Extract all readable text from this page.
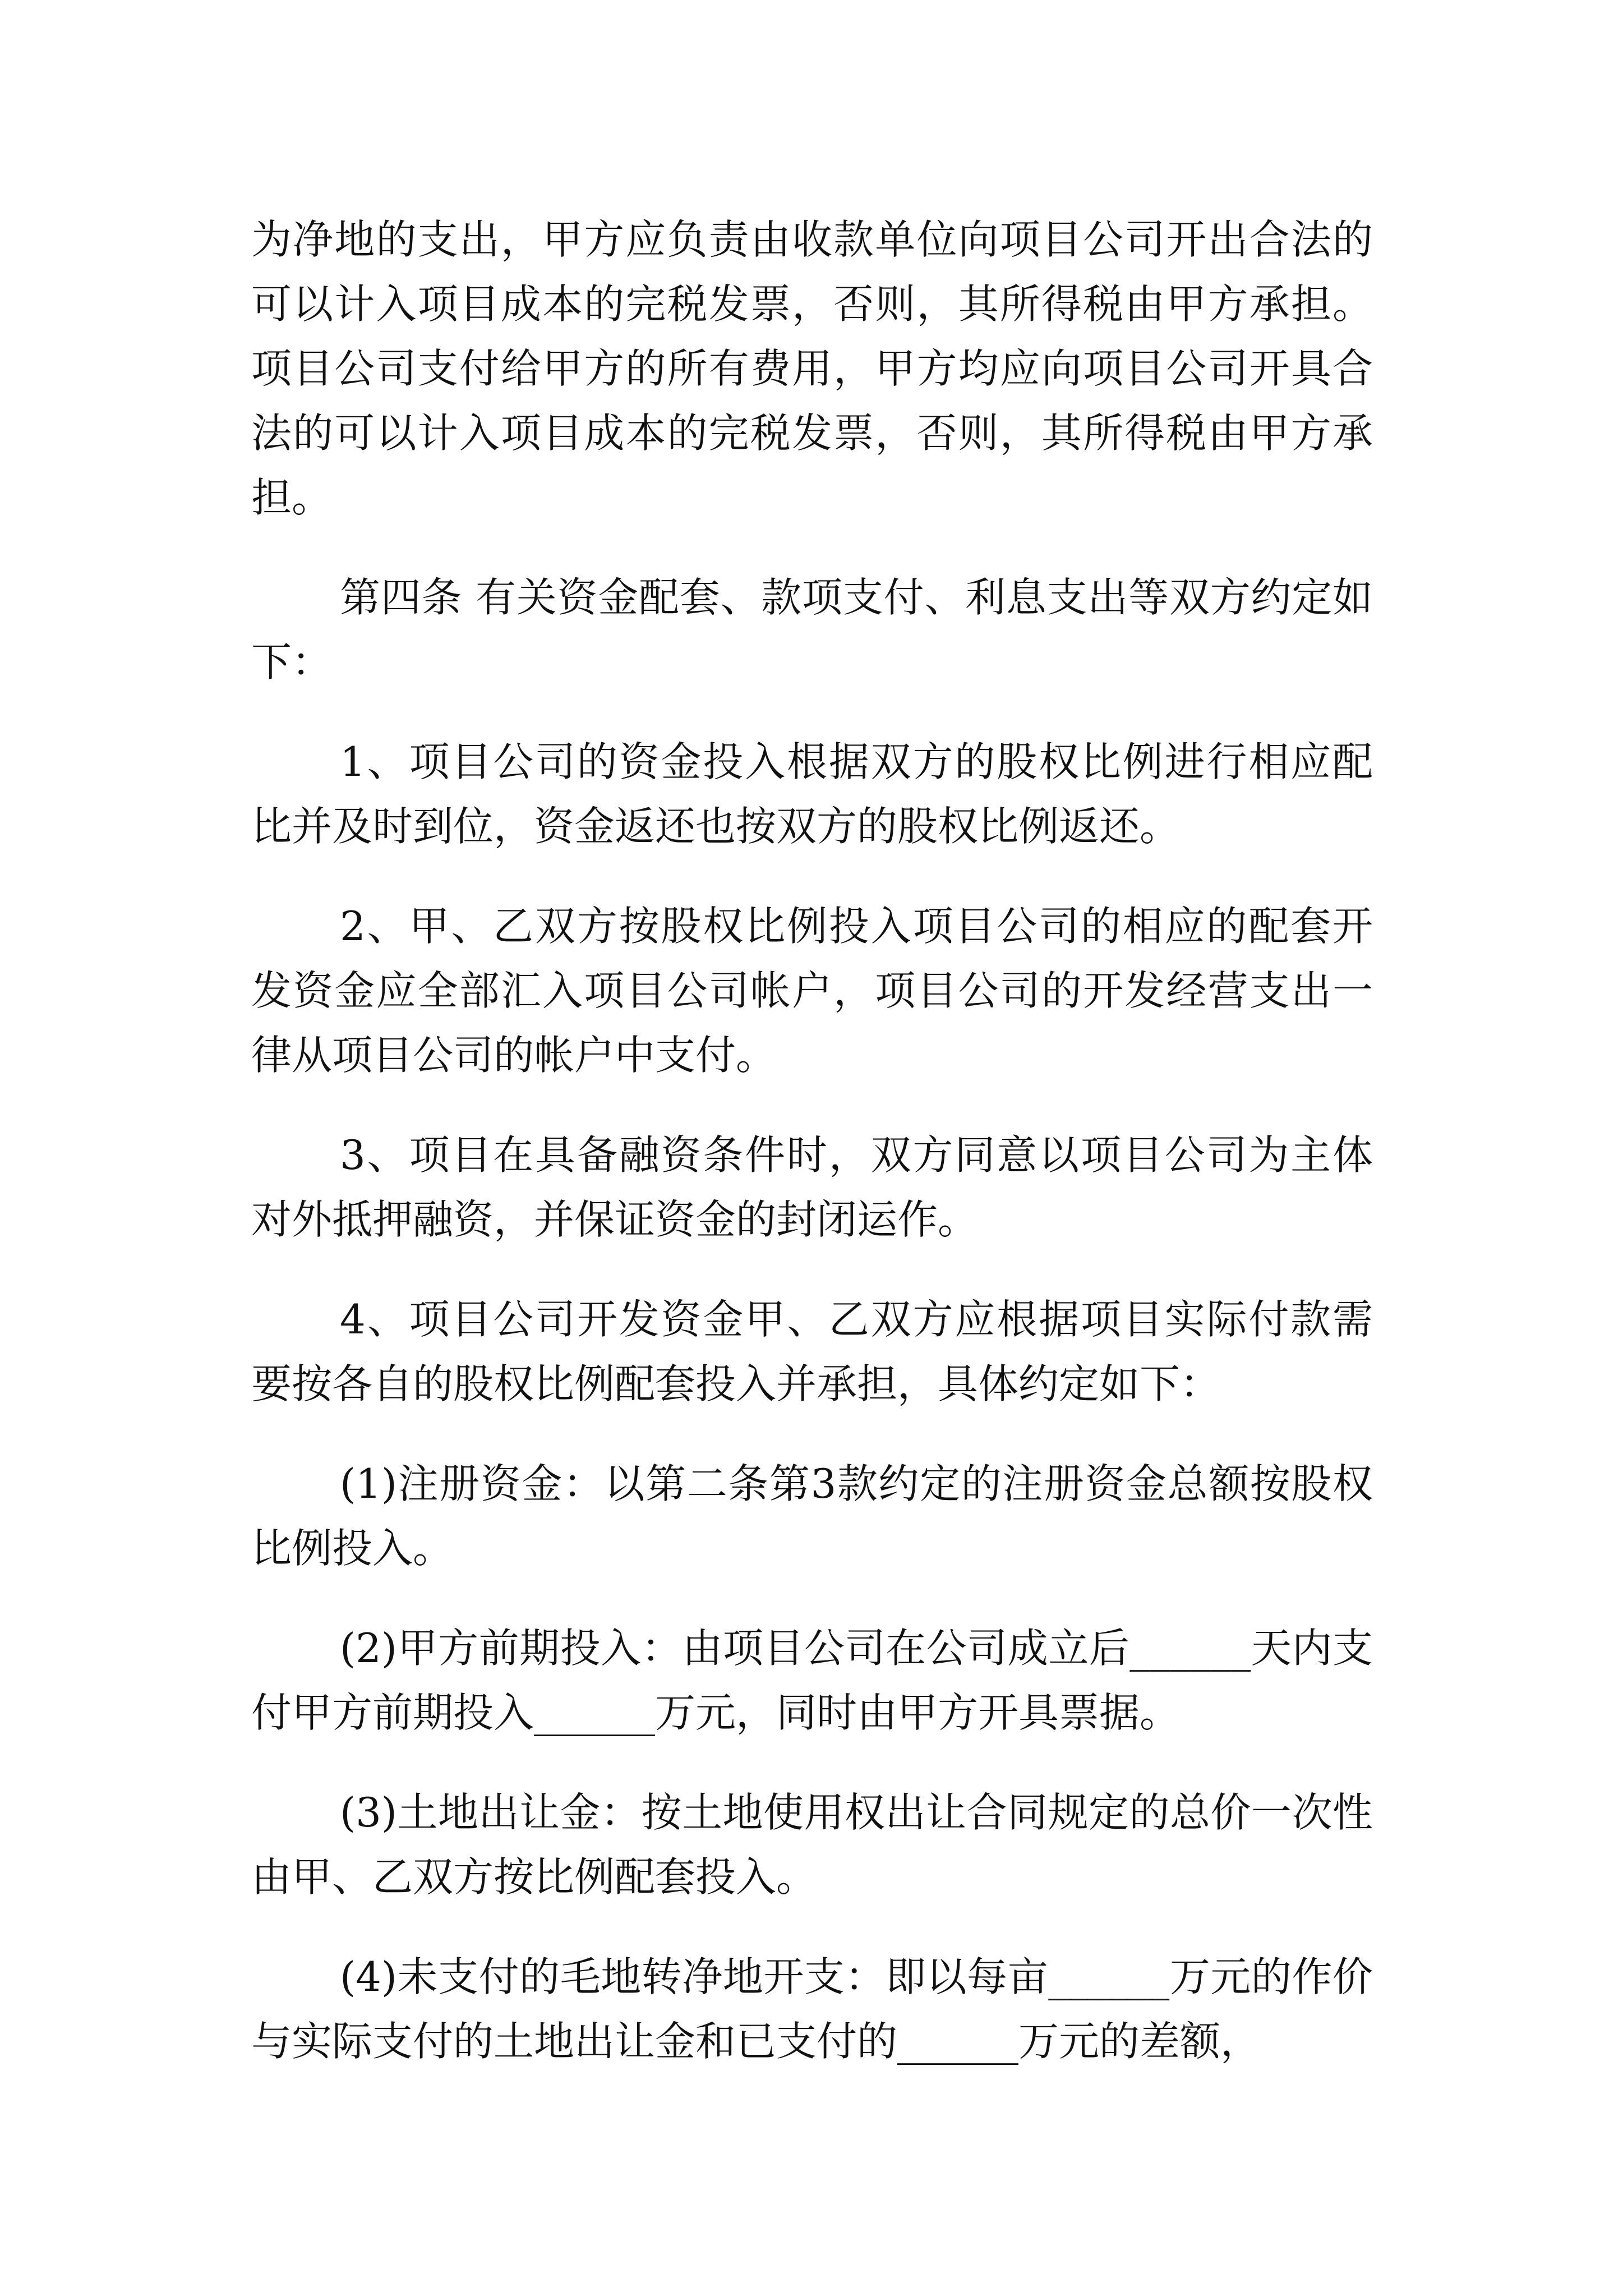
为净地的支出，甲方应负责由收款单位向项目公司开出合法的可以计入项目成本的完税发票，否则，其所得税由甲方承担。项目公司支付给甲方的所有费用，甲方均应向项目公司开具合法的可以计入项目成本的完税发票，否则，其所得税由甲方承担。

第四条 有关资金配套、款项支付、利息支出等双方约定如下：

1、项目公司的资金投入根据双方的股权比例进行相应配比并及时到位，资金返还也按双方的股权比例返还。

2、甲、乙双方按股权比例投入项目公司的相应的配套开发资金应全部汇入项目公司帐户，项目公司的开发经营支出一律从项目公司的帐户中支付。

3、项目在具备融资条件时，双方同意以项目公司为主体对外抵押融资，并保证资金的封闭运作。

4、项目公司开发资金甲、乙双方应根据项目实际付款需要按各自的股权比例配套投入并承担，具体约定如下：

(1)注册资金：以第二条第3款约定的注册资金总额按股权比例投入。

(2)甲方前期投入：由项目公司在公司成立后______天内支付甲方前期投入______万元，同时由甲方开具票据。

(3)土地出让金：按土地使用权出让合同规定的总价一次性由甲、乙双方按比例配套投入。

(4)未支付的毛地转净地开支：即以每亩______万元的作价与实际支付的土地出让金和已支付的______万元的差额，
